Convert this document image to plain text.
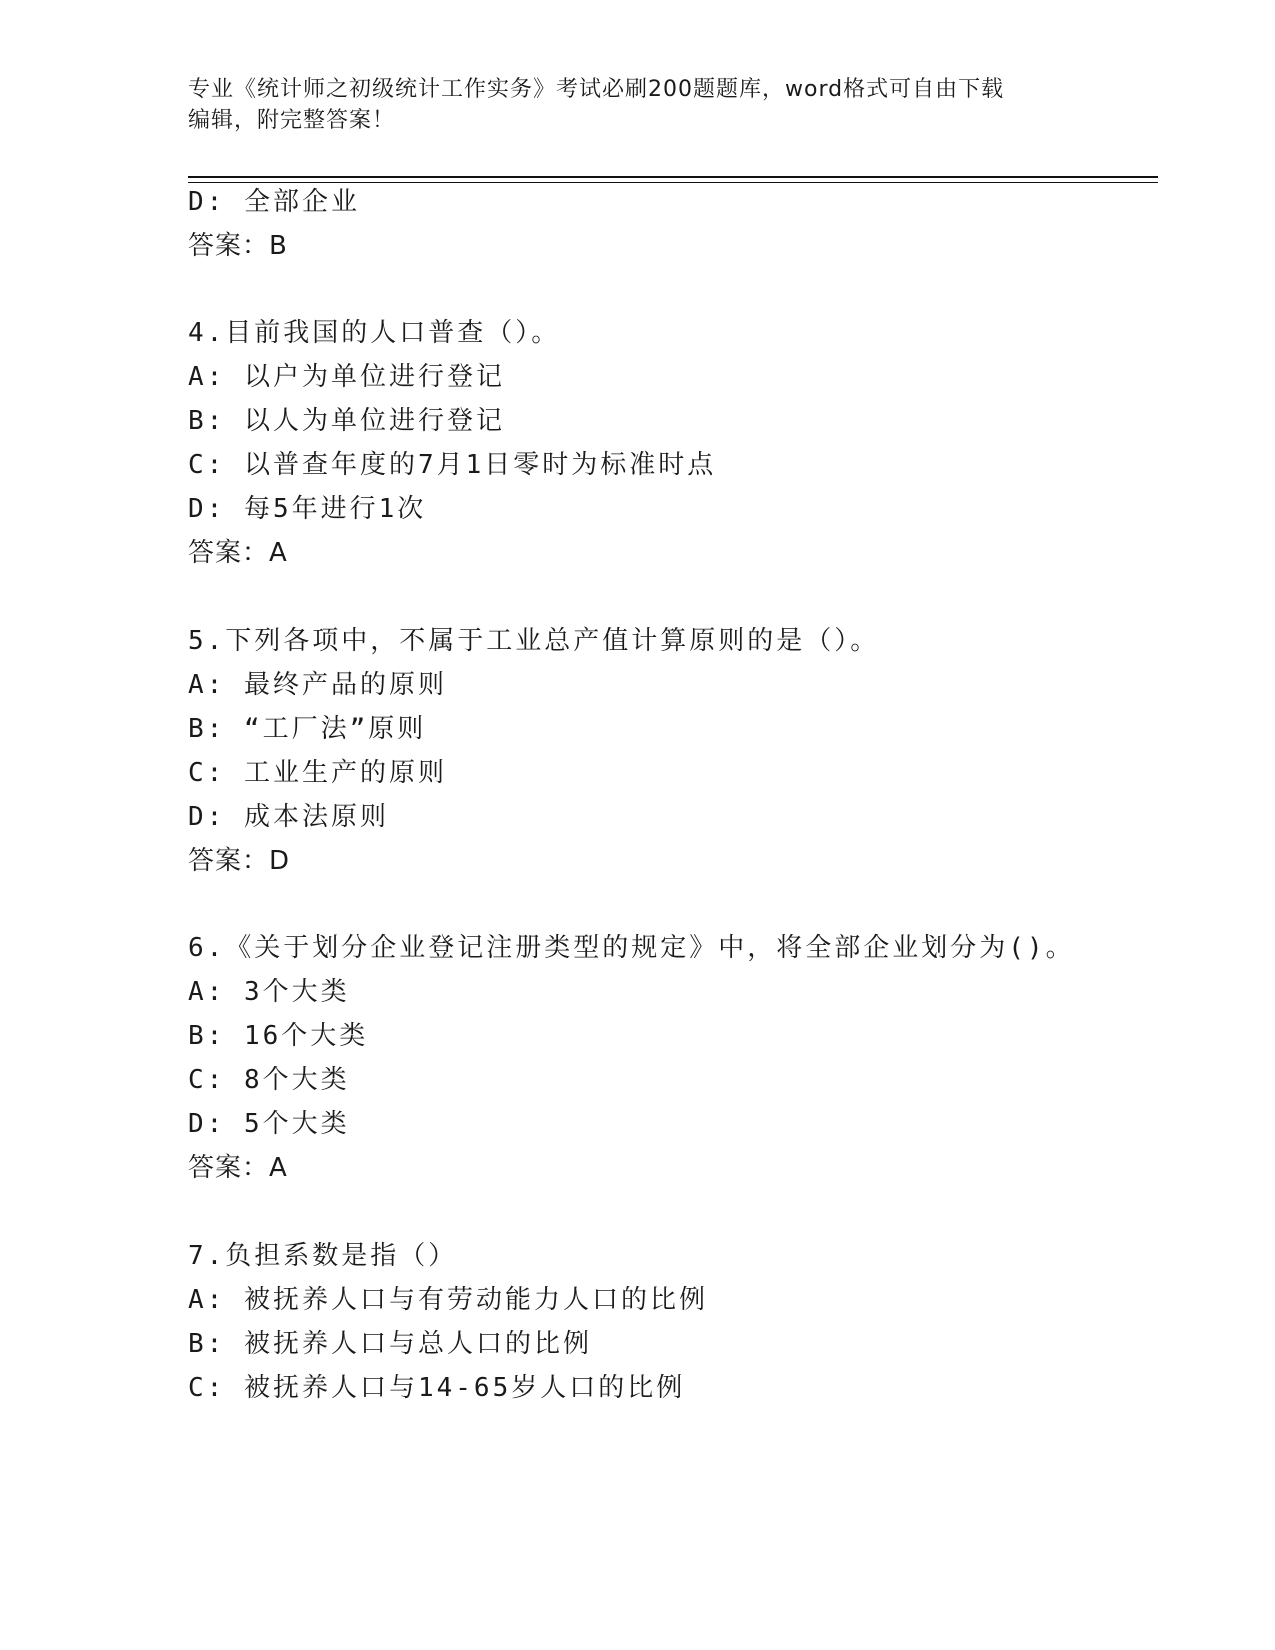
专业《统计师之初级统计工作实务》考试必刷200题题库，word格式可自由下载
编辑，附完整答案！
D: 全部企业
答案：B
4.目前我国的人口普查（）。
A: 以户为单位进行登记
B: 以人为单位进行登记
C: 以普查年度的7月1日零时为标准时点
D: 每5年进行1次
答案：A
5.下列各项中，不属于工业总产值计算原则的是（）。
A: 最终产品的原则
B: “工厂法”原则
C: 工业生产的原则
D: 成本法原则
答案：D
6.《关于划分企业登记注册类型的规定》中，将全部企业划分为()。
A: 3个大类
B: 16个大类
C: 8个大类
D: 5个大类
答案：A
7.负担系数是指（）
A: 被抚养人口与有劳动能力人口的比例
B: 被抚养人口与总人口的比例
C: 被抚养人口与14-65岁人口的比例
